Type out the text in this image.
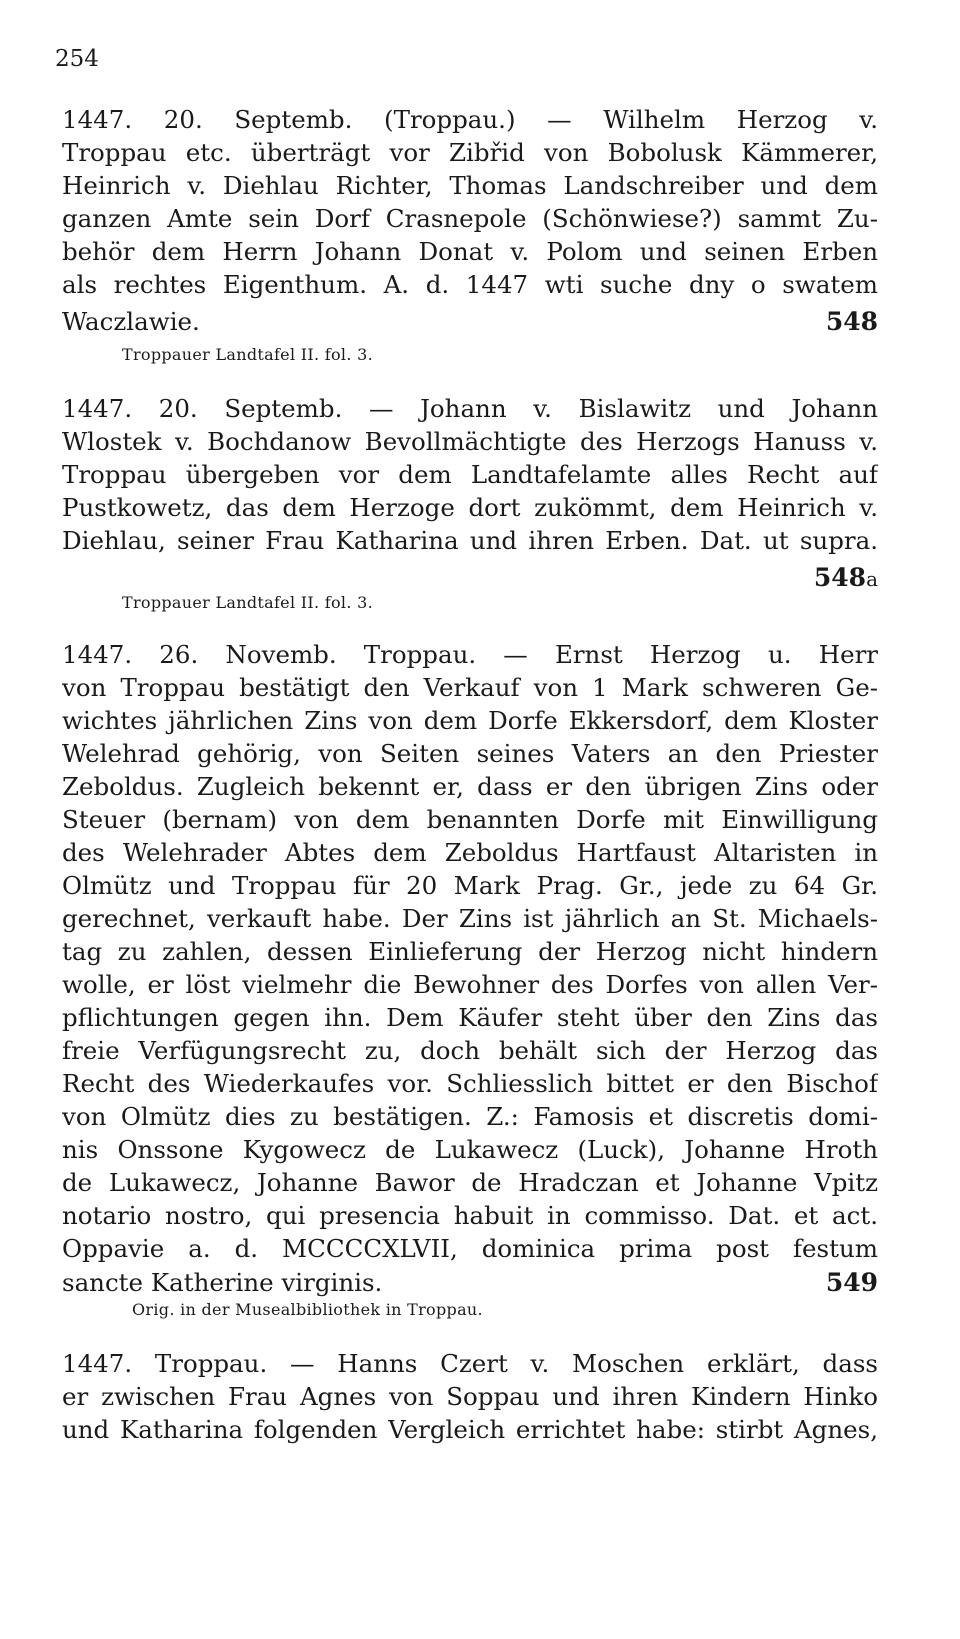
254
1447. 20. Septemb. (Troppau.) — Wilhelm Herzog v.
Troppau etc. überträgt vor Zibřid von Bobolusk Kämmerer,
Heinrich v. Diehlau Richter, Thomas Landschreiber und dem
ganzen Amte sein Dorf Crasnepole (Schönwiese?) sammt Zu-
behör dem Herrn Johann Donat v. Polom und seinen Erben
als rechtes Eigenthum. A. d. 1447 wti suche dny o swatem
Waczlawie.	548
Troppauer Landtafel II. fol. 3.
1447. 20. Septemb. — Johann v. Bislawitz und Johann
Wlostek v. Bochdanow Bevollmächtigte des Herzogs Hanuss v.
Troppau übergeben vor dem Landtafelamte alles Recht auf
Pustkowetz, das dem Herzoge dort zukömmt, dem Heinrich v.
Diehlau, seiner Frau Katharina und ihren Erben. Dat. ut supra.
548a
Troppauer Landtafel II. fol. 3.
1447. 26. Novemb. Troppau. — Ernst Herzog u. Herr
von Troppau bestätigt den Verkauf von 1 Mark schweren Ge-
wichtes jährlichen Zins von dem Dorfe Ekkersdorf, dem Kloster
Welehrad gehörig, von Seiten seines Vaters an den Priester
Zeboldus. Zugleich bekennt er, dass er den übrigen Zins oder
Steuer (bernam) von dem benannten Dorfe mit Einwilligung
des Welehrader Abtes dem Zeboldus Hartfaust Altaristen in
Olmütz und Troppau für 20 Mark Prag. Gr., jede zu 64 Gr.
gerechnet, verkauft habe. Der Zins ist jährlich an St. Michaels-
tag zu zahlen, dessen Einlieferung der Herzog nicht hindern
wolle, er löst vielmehr die Bewohner des Dorfes von allen Ver-
pflichtungen gegen ihn. Dem Käufer steht über den Zins das
freie Verfügungsrecht zu, doch behält sich der Herzog das
Recht des Wiederkaufes vor. Schliesslich bittet er den Bischof
von Olmütz dies zu bestätigen. Z.: Famosis et discretis domi-
nis Onssone Kygowecz de Lukawecz (Luck), Johanne Hroth
de Lukawecz, Johanne Bawor de Hradczan et Johanne Vpitz
notario nostro, qui presencia habuit in commisso. Dat. et act.
Oppavie a. d. MCCCCXLVII, dominica prima post festum
sancte Katherine virginis.	549
Orig. in der Musealbibliothek in Troppau.
1447. Troppau. — Hanns Czert v. Moschen erklärt, dass
er zwischen Frau Agnes von Soppau und ihren Kindern Hinko
und Katharina folgenden Vergleich errichtet habe: stirbt Agnes,
